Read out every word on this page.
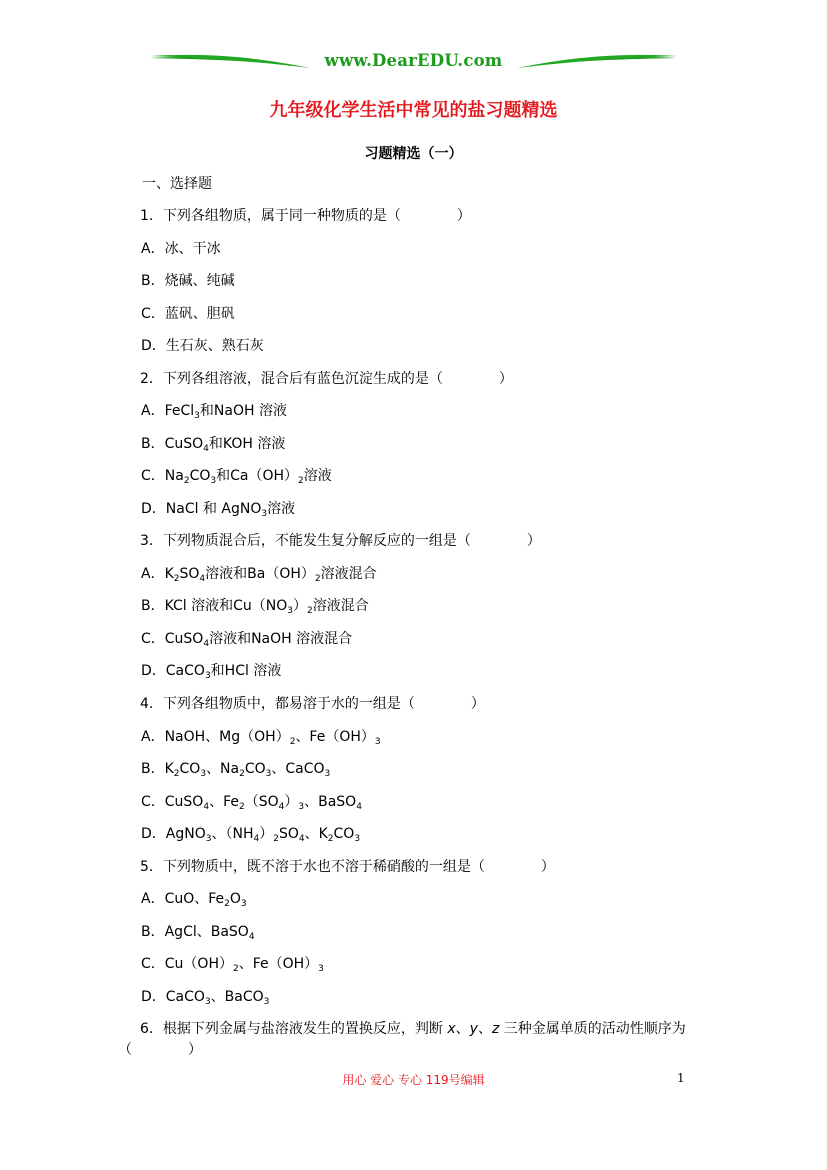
www.DearEDU.com
九年级化学生活中常见的盐习题精选
习题精选（一）
一、选择题
1．下列各组物质，属于同一种物质的是（　　　　）
A．冰、干冰
B．烧碱、纯碱
C．蓝矾、胆矾
D．生石灰、熟石灰
2．下列各组溶液，混合后有蓝色沉淀生成的是（　　　　）
A．FeCl$_3$和NaOH 溶液
B．CuSO$_4$和KOH 溶液
C．$Na_2CO_3$和$Ca(OH)_2$溶液
D．NaCl 和 AgNO$_3$溶液
3．下列物质混合后，不能发生复分解反应的一组是（　　　　）
A．$K_2SO_4$溶液和$Ba(OH)_2$溶液混合
B．KCl 溶液和$Cu(NO_3)_2$溶液混合
C．CuSO$_4$溶液和NaOH 溶液混合
D．CaCO$_3$和HCl 溶液
4．下列各组物质中，都易溶于水的一组是（　　　　）
A．NaOH、$Mg(OH)_2$、$Fe(OH)_3$
B．$K_2CO_3$、$Na_2CO_3$、CaCO$_3$
C．CuSO$_4$、$Fe_2(SO_4)_3$、BaSO$_4$
D．AgNO$_3$、$(NH_4)_2SO_4$、$K_2CO_3$
5．下列物质中，既不溶于水也不溶于稀硝酸的一组是（　　　　）
A．CuO、$Fe_2O_3$
B．AgCl、BaSO$_4$
C．$Cu(OH)_2$、$Fe(OH)_3$
D．CaCO$_3$、BaCO$_3$
6．根据下列金属与盐溶液发生的置换反应，判断 x、y、z 三种金属单质的活动性顺序为
（　　　　）
用心 爱心 专心 119号编辑	1
